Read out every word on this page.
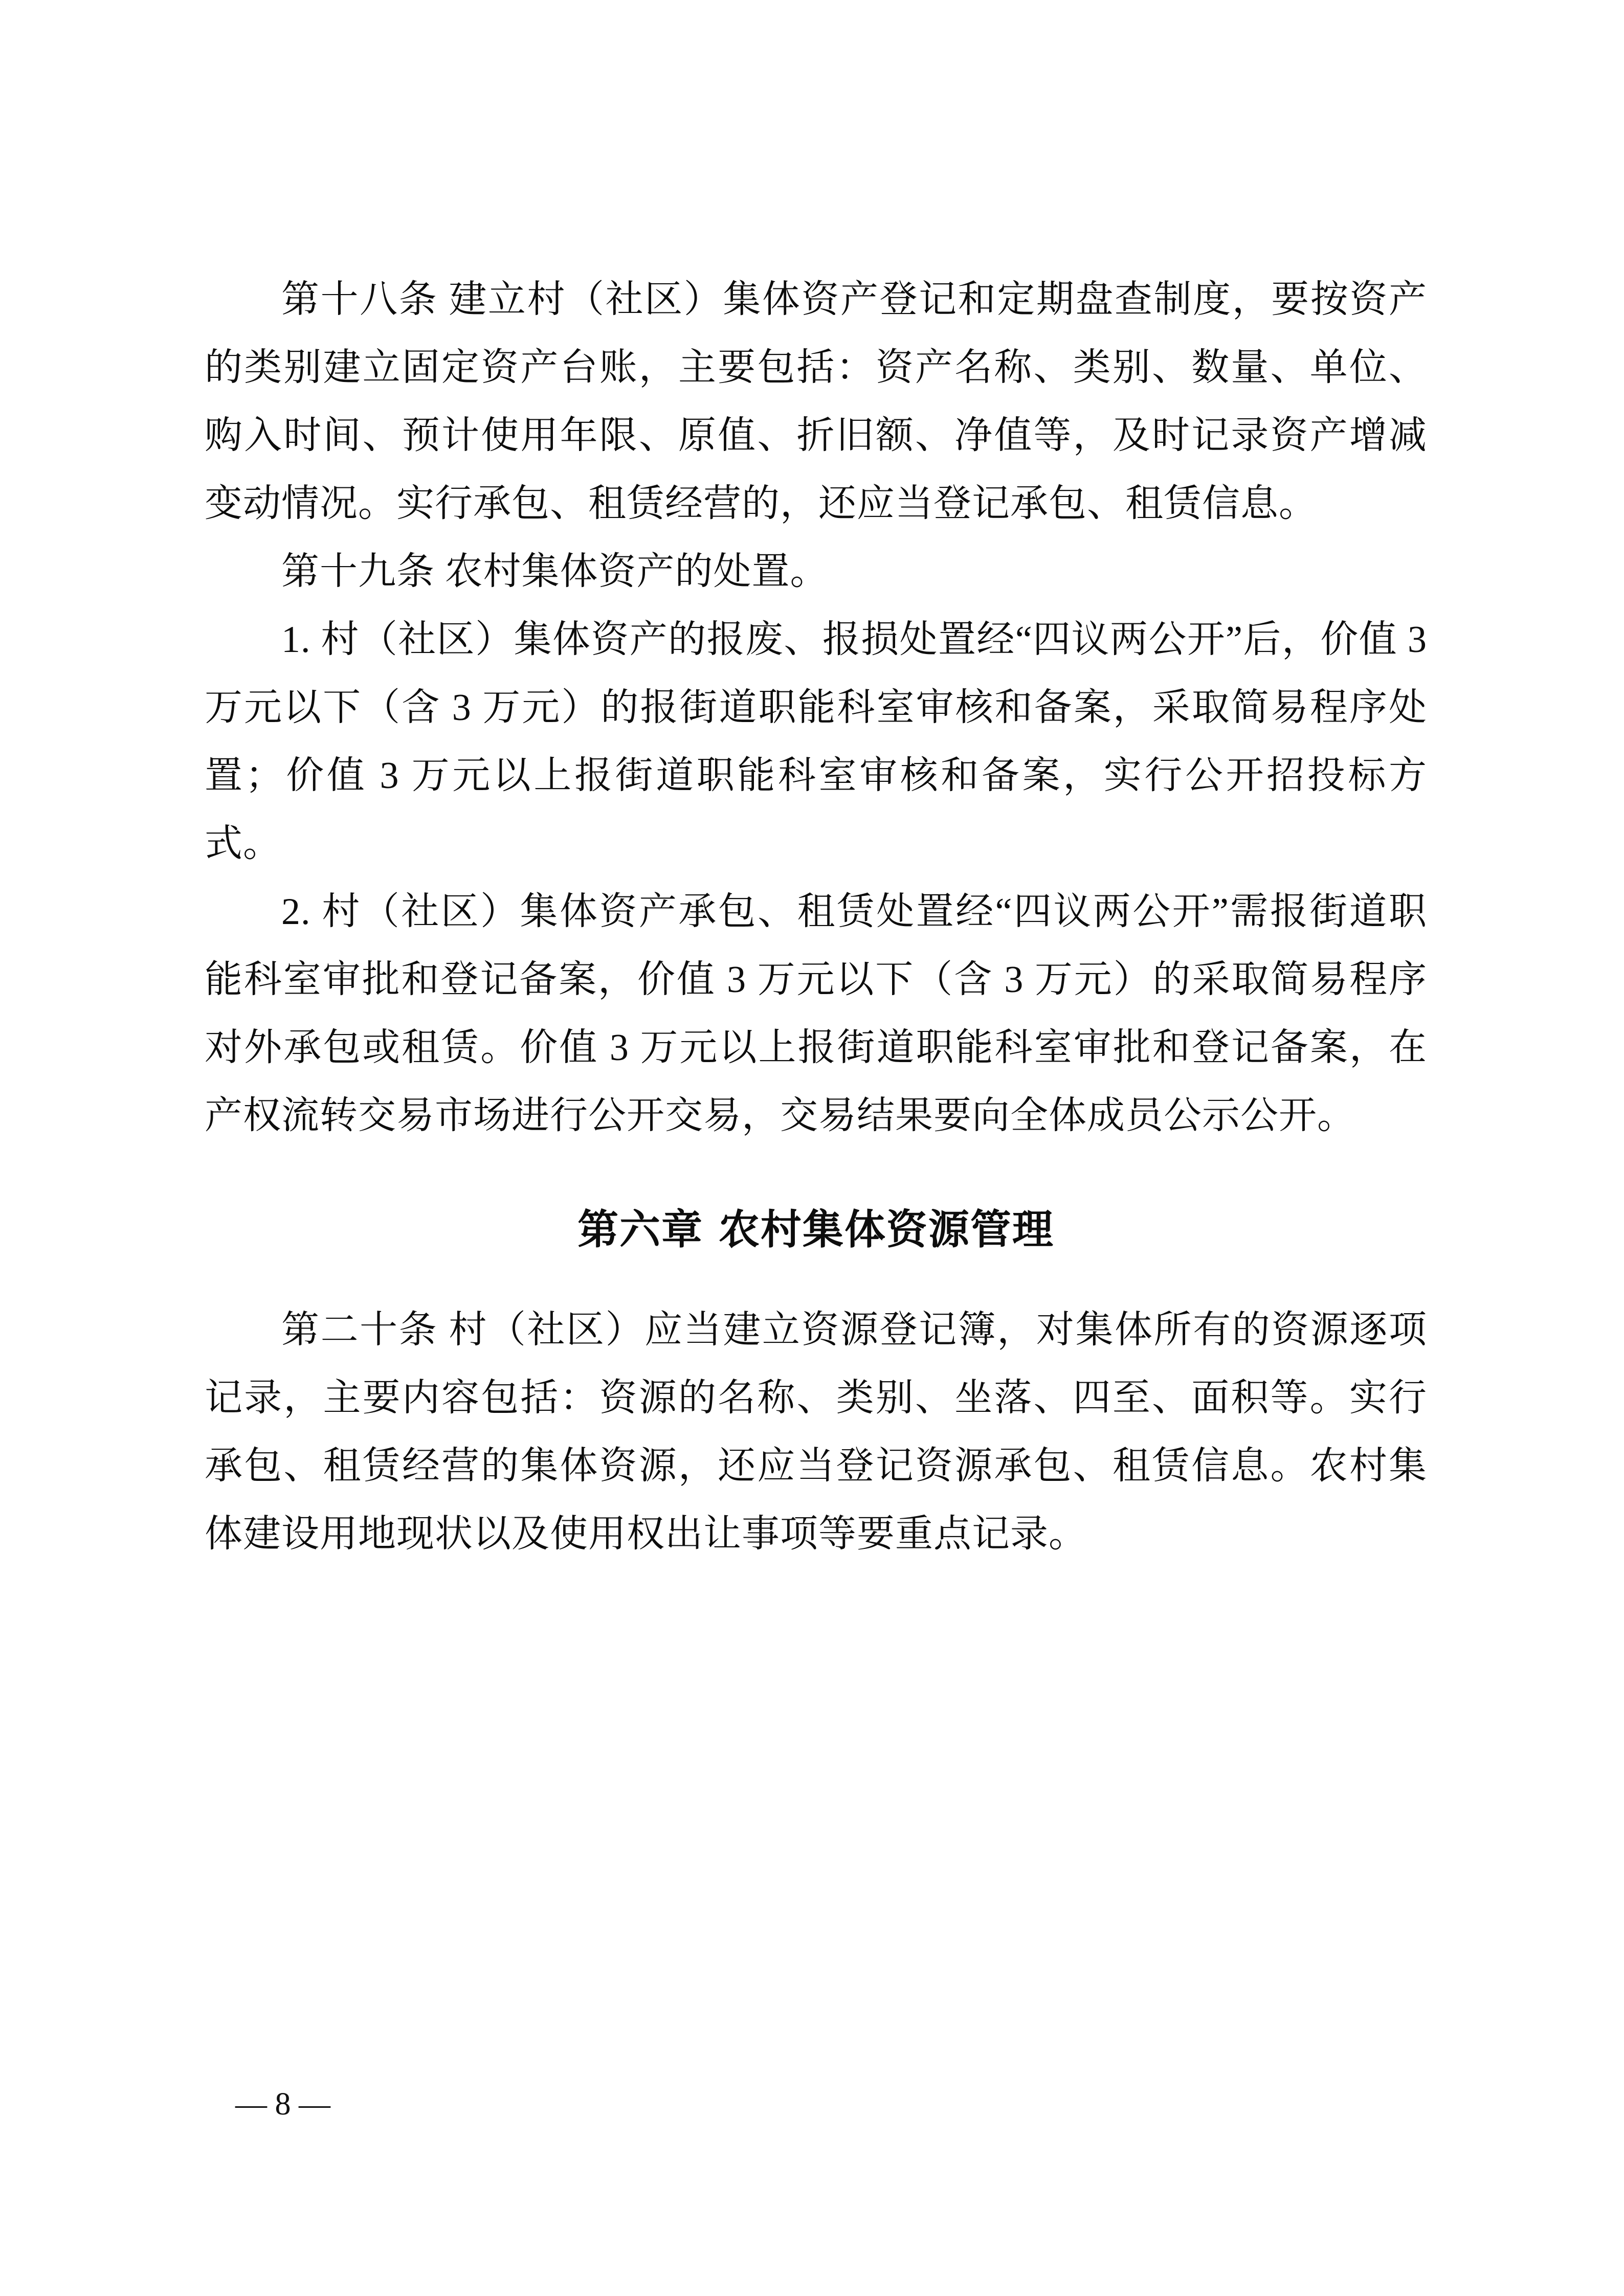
第十八条 建立村（社区）集体资产登记和定期盘查制度，要按资产的类别建立固定资产台账，主要包括：资产名称、类别、数量、单位、购入时间、预计使用年限、原值、折旧额、净值等，及时记录资产增减变动情况。实行承包、租赁经营的，还应当登记承包、租赁信息。

第十九条 农村集体资产的处置。

1. 村（社区）集体资产的报废、报损处置经“四议两公开”后，价值 3 万元以下（含 3 万元）的报街道职能科室审核和备案，采取简易程序处置；价值 3 万元以上报街道职能科室审核和备案，实行公开招投标方式。

2. 村（社区）集体资产承包、租赁处置经“四议两公开”需报街道职能科室审批和登记备案，价值 3 万元以下（含 3 万元）的采取简易程序对外承包或租赁。价值 3 万元以上报街道职能科室审批和登记备案，在产权流转交易市场进行公开交易，交易结果要向全体成员公示公开。

第六章 农村集体资源管理

第二十条 村（社区）应当建立资源登记簿，对集体所有的资源逐项记录，主要内容包括：资源的名称、类别、坐落、四至、面积等。实行承包、租赁经营的集体资源，还应当登记资源承包、租赁信息。农村集体建设用地现状以及使用权出让事项等要重点记录。

— 8 —
